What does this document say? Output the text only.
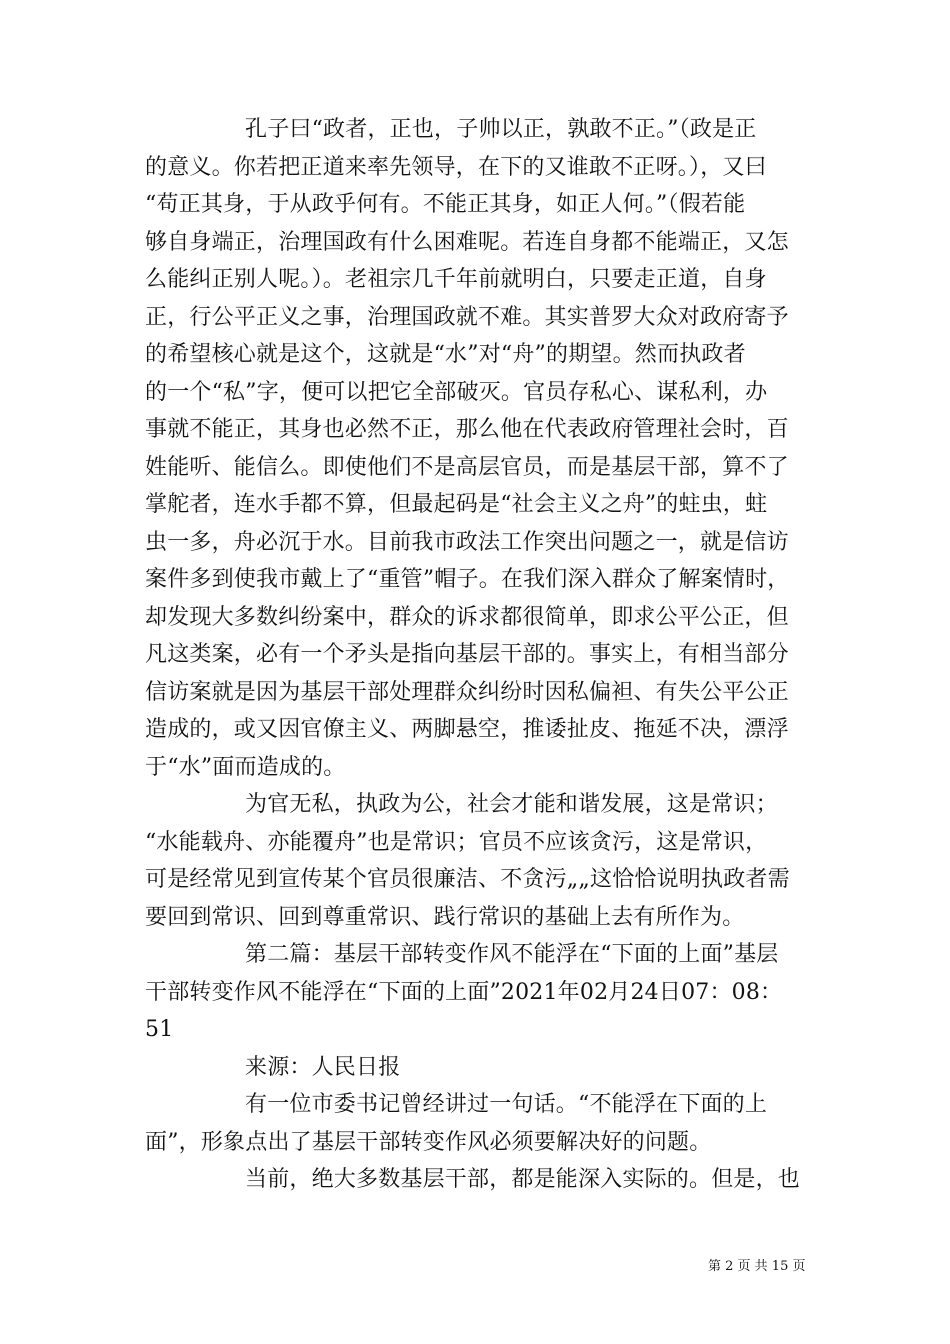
孔子曰“政者，正也，子帅以正，孰敢不正。”（政是正
的意义。你若把正道来率先领导，在下的又谁敢不正呀。），又曰
“苟正其身，于从政乎何有。不能正其身，如正人何。”（假若能
够自身端正，治理国政有什么困难呢。若连自身都不能端正，又怎
么能纠正别人呢。）。老祖宗几千年前就明白，只要走正道，自身
正，行公平正义之事，治理国政就不难。其实普罗大众对政府寄予
的希望核心就是这个，这就是“水”对“舟”的期望。然而执政者
的一个“私”字，便可以把它全部破灭。官员存私心、谋私利，办
事就不能正，其身也必然不正，那么他在代表政府管理社会时，百
姓能听、能信么。即使他们不是高层官员，而是基层干部，算不了
掌舵者，连水手都不算，但最起码是“社会主义之舟”的蛀虫，蛀
虫一多，舟必沉于水。目前我市政法工作突出问题之一，就是信访
案件多到使我市戴上了“重管”帽子。在我们深入群众了解案情时，
却发现大多数纠纷案中，群众的诉求都很简单，即求公平公正，但
凡这类案，必有一个矛头是指向基层干部的。事实上，有相当部分
信访案就是因为基层干部处理群众纠纷时因私偏袒、有失公平公正
造成的，或又因官僚主义、两脚悬空，推诿扯皮、拖延不决，漂浮
于“水”面而造成的。
为官无私，执政为公，社会才能和谐发展，这是常识；
“水能载舟、亦能覆舟”也是常识；官员不应该贪污，这是常识，
可是经常见到宣传某个官员很廉洁、不贪污„„这恰恰说明执政者需
要回到常识、回到尊重常识、践行常识的基础上去有所作为。
第二篇：基层干部转变作风不能浮在“下面的上面”基层
干部转变作风不能浮在“下面的上面”2021年02月24日07：08：
51
来源：人民日报
有一位市委书记曾经讲过一句话。“不能浮在下面的上
面”，形象点出了基层干部转变作风必须要解决好的问题。
当前，绝大多数基层干部，都是能深入实际的。但是，也
第 2 页 共 15 页
